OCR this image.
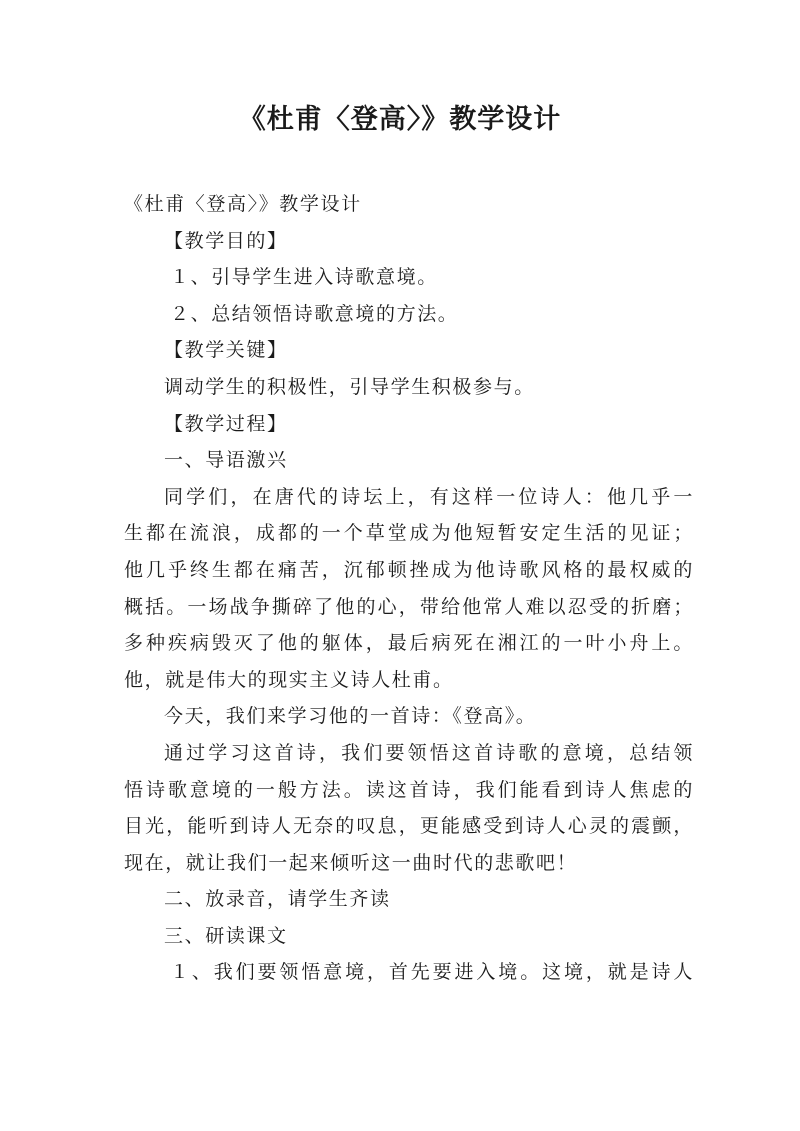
《杜甫〈登高〉》教学设计
《杜甫〈登高〉》教学设计
【教学目的】
１、引导学生进入诗歌意境。
２、总结领悟诗歌意境的方法。
【教学关键】
调动学生的积极性，引导学生积极参与。
【教学过程】
一、导语激兴
同学们，在唐代的诗坛上，有这样一位诗人：他几乎一
生都在流浪，成都的一个草堂成为他短暂安定生活的见证；
他几乎终生都在痛苦，沉郁顿挫成为他诗歌风格的最权威的
概括。一场战争撕碎了他的心，带给他常人难以忍受的折磨；
多种疾病毁灭了他的躯体，最后病死在湘江的一叶小舟上。
他，就是伟大的现实主义诗人杜甫。
今天，我们来学习他的一首诗：《登高》。
通过学习这首诗，我们要领悟这首诗歌的意境，总结领
悟诗歌意境的一般方法。读这首诗，我们能看到诗人焦虑的
目光，能听到诗人无奈的叹息，更能感受到诗人心灵的震颤，
现在，就让我们一起来倾听这一曲时代的悲歌吧！
二、放录音，请学生齐读
三、研读课文
１、我们要领悟意境，首先要进入境。这境，就是诗人
